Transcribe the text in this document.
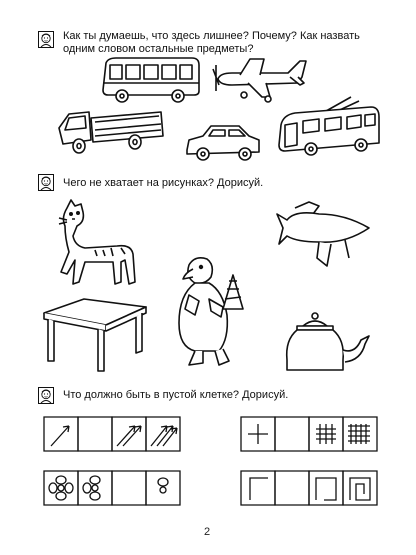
Как ты думаешь, что здесь лишнее? Почему? Как назвать одним словом остальные предметы?

Чего не хватает на рисунках? Дорисуй.

Что должно быть в пустой клетке? Дорисуй.

2
